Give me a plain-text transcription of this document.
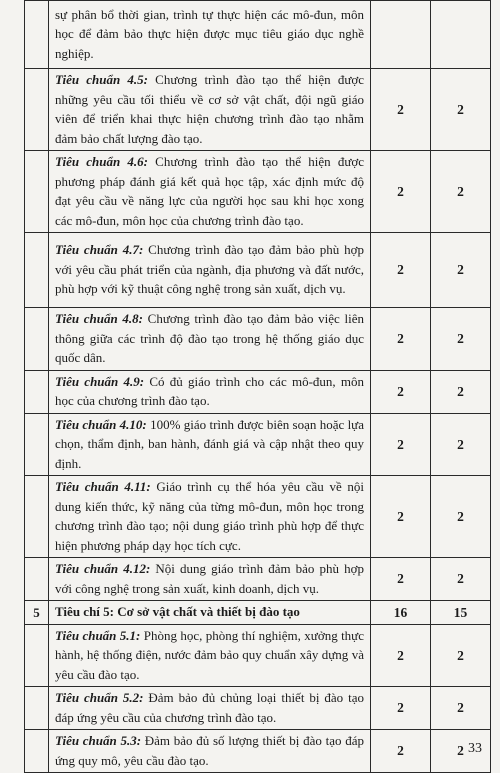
	sự phân bổ thời gian, trình tự thực hiện các mô-đun, môn học để đảm bảo thực hiện được mục tiêu giáo dục nghề nghiệp.		

	Tiêu chuẩn 4.5: Chương trình đào tạo thể hiện được những yêu cầu tối thiểu về cơ sở vật chất, đội ngũ giáo viên để triển khai thực hiện chương trình đào tạo nhằm đảm bảo chất lượng đào tạo.	2	2

	Tiêu chuẩn 4.6: Chương trình đào tạo thể hiện được phương pháp đánh giá kết quả học tập, xác định mức độ đạt yêu cầu về năng lực của người học sau khi học xong các mô-đun, môn học của chương trình đào tạo.	2	2

	Tiêu chuẩn 4.7: Chương trình đào tạo đảm bảo phù hợp với yêu cầu phát triển của ngành, địa phương và đất nước, phù hợp với kỹ thuật công nghệ trong sản xuất, dịch vụ.	2	2

	Tiêu chuẩn 4.8: Chương trình đào tạo đảm bảo việc liên thông giữa các trình độ đào tạo trong hệ thống giáo dục quốc dân.	2	2

	Tiêu chuẩn 4.9: Có đủ giáo trình cho các mô-đun, môn học của chương trình đào tạo.	2	2

	Tiêu chuẩn 4.10: 100% giáo trình được biên soạn hoặc lựa chọn, thẩm định, ban hành, đánh giá và cập nhật theo quy định.	2	2

	Tiêu chuẩn 4.11: Giáo trình cụ thể hóa yêu cầu về nội dung kiến thức, kỹ năng của từng mô-đun, môn học trong chương trình đào tạo; nội dung giáo trình phù hợp để thực hiện phương pháp dạy học tích cực.	2	2

	Tiêu chuẩn 4.12: Nội dung giáo trình đảm bảo phù hợp với công nghệ trong sản xuất, kinh doanh, dịch vụ.	2	2
5	Tiêu chí 5: Cơ sở vật chất và thiết bị đào tạo	16	15

	Tiêu chuẩn 5.1: Phòng học, phòng thí nghiệm, xưởng thực hành, hệ thống điện, nước đảm bảo quy chuẩn xây dựng và yêu cầu đào tạo.	2	2

	Tiêu chuẩn 5.2: Đảm bảo đủ chủng loại thiết bị đào tạo đáp ứng yêu cầu của chương trình đào tạo.	2	2

	Tiêu chuẩn 5.3: Đảm bảo đủ số lượng thiết bị đào tạo đáp ứng quy mô, yêu cầu đào tạo.	2	2 33
